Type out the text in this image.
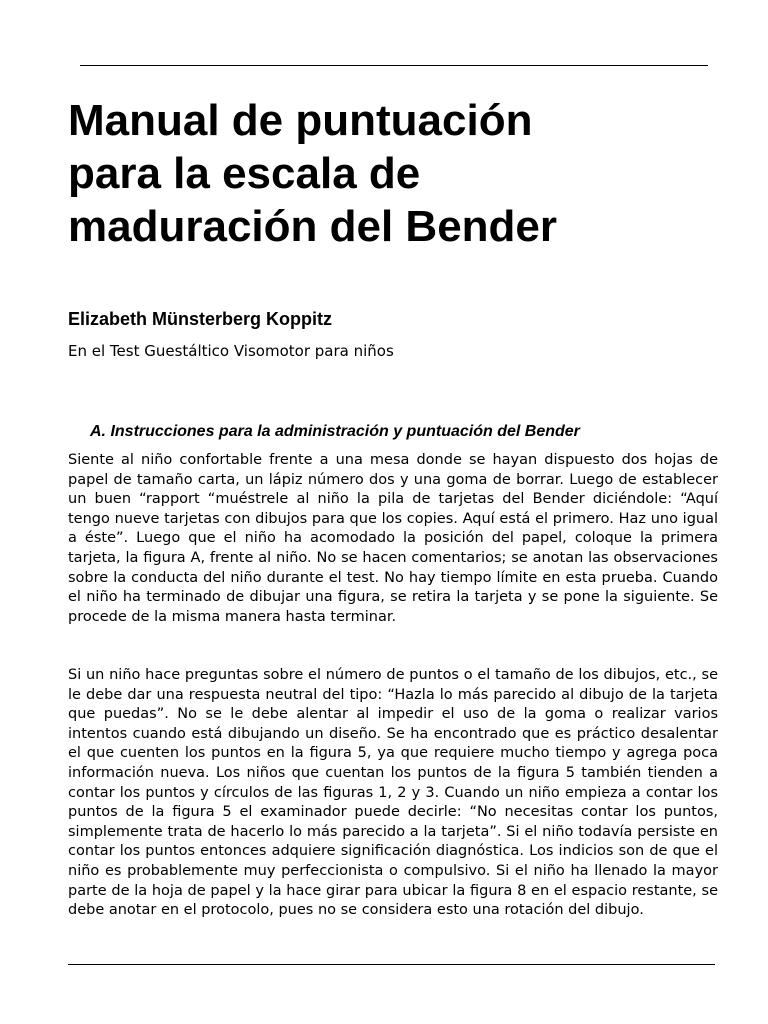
Manual de puntuación para la escala de maduración del Bender

Elizabeth Münsterberg Koppitz

En el Test Guestáltico Visomotor para niños

A. Instrucciones para la administración y puntuación del Bender

Siente al niño confortable frente a una mesa donde se hayan dispuesto dos hojas de papel de tamaño carta, un lápiz número dos y una goma de borrar. Luego de establecer un buen “rapport “muéstrele al niño la pila de tarjetas del Bender diciéndole: “Aquí tengo nueve tarjetas con dibujos para que los copies. Aquí está el primero. Haz uno igual a éste”. Luego que el niño ha acomodado la posición del papel, coloque la primera tarjeta, la figura A, frente al niño. No se hacen comentarios; se anotan las observaciones sobre la conducta del niño durante el test. No hay tiempo límite en esta prueba. Cuando el niño ha terminado de dibujar una figura, se retira la tarjeta y se pone la siguiente. Se procede de la misma manera hasta terminar.

Si un niño hace preguntas sobre el número de puntos o el tamaño de los dibujos, etc., se le debe dar una respuesta neutral del tipo: “Hazla lo más parecido al dibujo de la tarjeta que puedas”. No se le debe alentar al impedir el uso de la goma o realizar varios intentos cuando está dibujando un diseño. Se ha encontrado que es práctico desalentar el que cuenten los puntos en la figura 5, ya que requiere mucho tiempo y agrega poca información nueva. Los niños que cuentan los puntos de la figura 5 también tienden a contar los puntos y círculos de las figuras 1, 2 y 3. Cuando un niño empieza a contar los puntos de la figura 5 el examinador puede decirle: “No necesitas contar los puntos, simplemente trata de hacerlo lo más parecido a la tarjeta”. Si el niño todavía persiste en contar los puntos entonces adquiere significación diagnóstica. Los indicios son de que el niño es probablemente muy perfeccionista o compulsivo. Si el niño ha llenado la mayor parte de la hoja de papel y la hace girar para ubicar la figura 8 en el espacio restante, se debe anotar en el protocolo, pues no se considera esto una rotación del dibujo.
